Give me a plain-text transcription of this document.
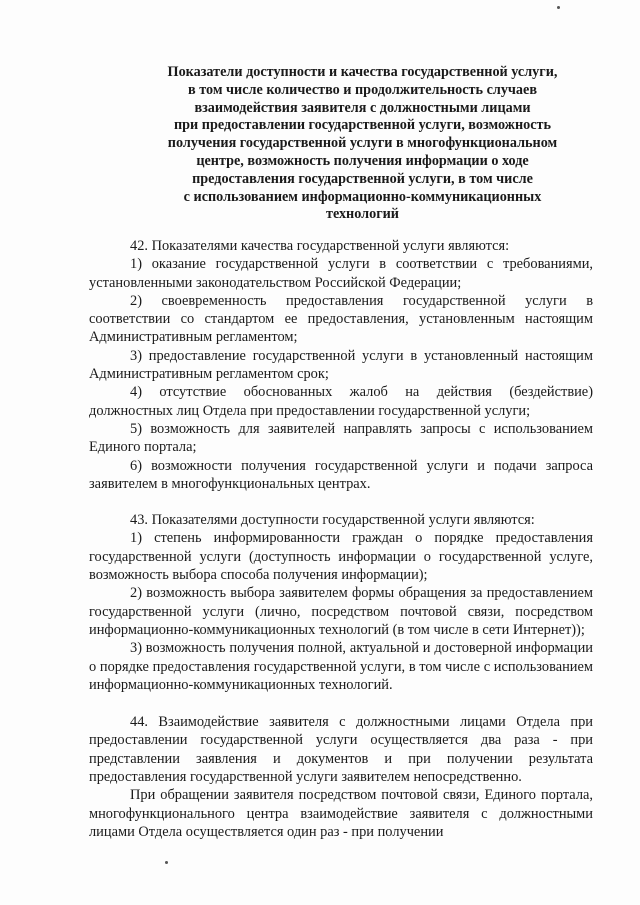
Показатели доступности и качества государственной услуги,
в том числе количество и продолжительность случаев
взаимодействия заявителя с должностными лицами
при предоставлении государственной услуги, возможность
получения государственной услуги в многофункциональном
центре, возможность получения информации о ходе
предоставления государственной услуги, в том числе
с использованием информационно-коммуникационных
технологий

42. Показателями качества государственной услуги являются:

1) оказание государственной услуги в соответствии с требованиями, установленными законодательством Российской Федерации;

2) своевременность предоставления государственной услуги в соответствии со стандартом ее предоставления, установленным настоящим Административным регламентом;

3) предоставление государственной услуги в установленный настоящим Административным регламентом срок;

4) отсутствие обоснованных жалоб на действия (бездействие) должностных лиц Отдела при предоставлении государственной услуги;

5) возможность для заявителей направлять запросы с использованием Единого портала;

6) возможности получения государственной услуги и подачи запроса заявителем в многофункциональных центрах.

43. Показателями доступности государственной услуги являются:

1) степень информированности граждан о порядке предоставления государственной услуги (доступность информации о государственной услуге, возможность выбора способа получения информации);

2) возможность выбора заявителем формы обращения за предоставлением государственной услуги (лично, посредством почтовой связи, посредством информационно-коммуникационных технологий (в том числе в сети Интернет));

3) возможность получения полной, актуальной и достоверной информации о порядке предоставления государственной услуги, в том числе с использованием информационно-коммуникационных технологий.

44. Взаимодействие заявителя с должностными лицами Отдела при предоставлении государственной услуги осуществляется два раза - при представлении заявления и документов и при получении результата предоставления государственной услуги заявителем непосредственно.

При обращении заявителя посредством почтовой связи, Единого портала, многофункционального центра взаимодействие заявителя с должностными лицами Отдела осуществляется один раз - при получении
